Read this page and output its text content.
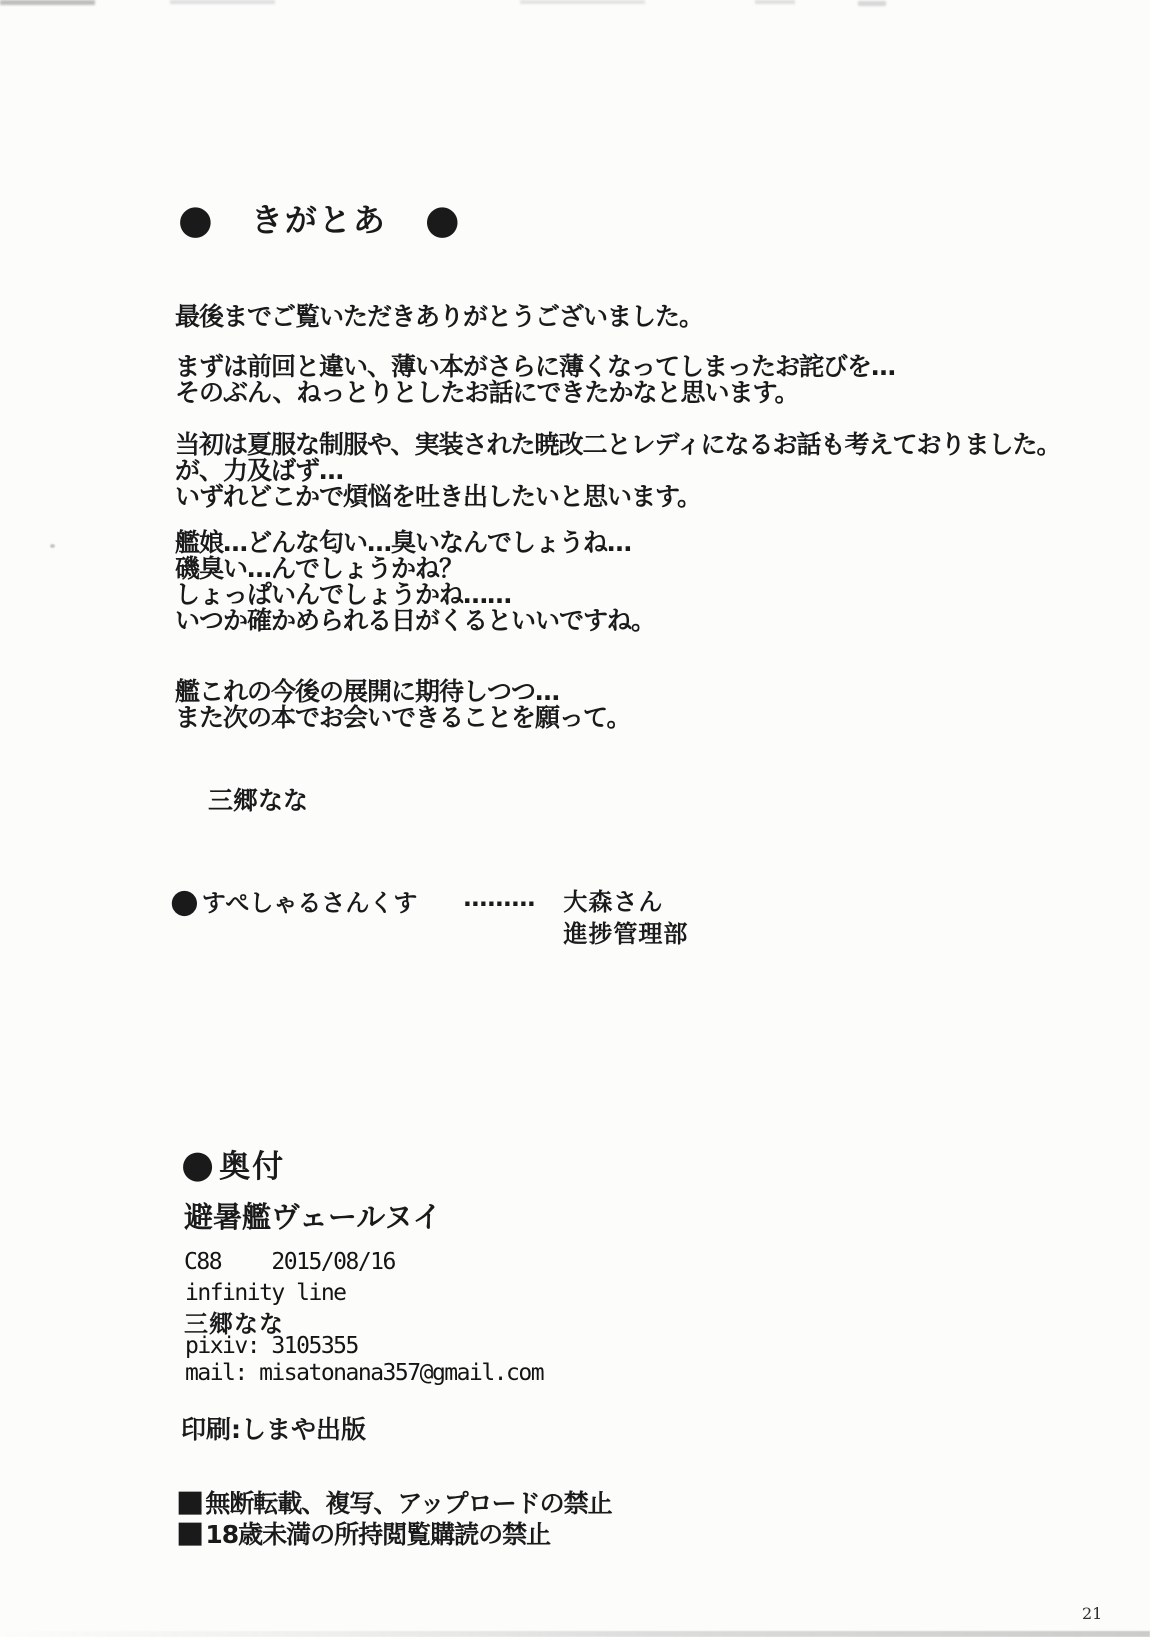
● きがとあ ●

最後までご覧いただきありがとうございました。

まずは前回と違い、薄い本がさらに薄くなってしまったお詫びを…
そのぶん、ねっとりとしたお話にできたかなと思います。

当初は夏服な制服や、実装された暁改二とレディになるお話も考えておりました。
が、力及ばず…
いずれどこかで煩悩を吐き出したいと思います。

艦娘…どんな匂い…臭いなんでしょうね…
磯臭い…んでしょうかね？
しょっぱいんでしょうかね……
いつか確かめられる日がくるといいですね。

艦これの今後の展開に期待しつつ…
また次の本でお会いできることを願って。

三郷なな
● すぺしゃるさんくす ……… 大森さん
進捗管理部
● 奥付
避暑艦ヴェールヌイ
C88 2015/08/16
infinity line
三郷なな
pixiv: 3105355
mail: misatonana357@gmail.com
印刷:しまや出版
■ 無断転載、複写、アップロードの禁止
■ 18歳未満の所持閲覧購読の禁止
21
